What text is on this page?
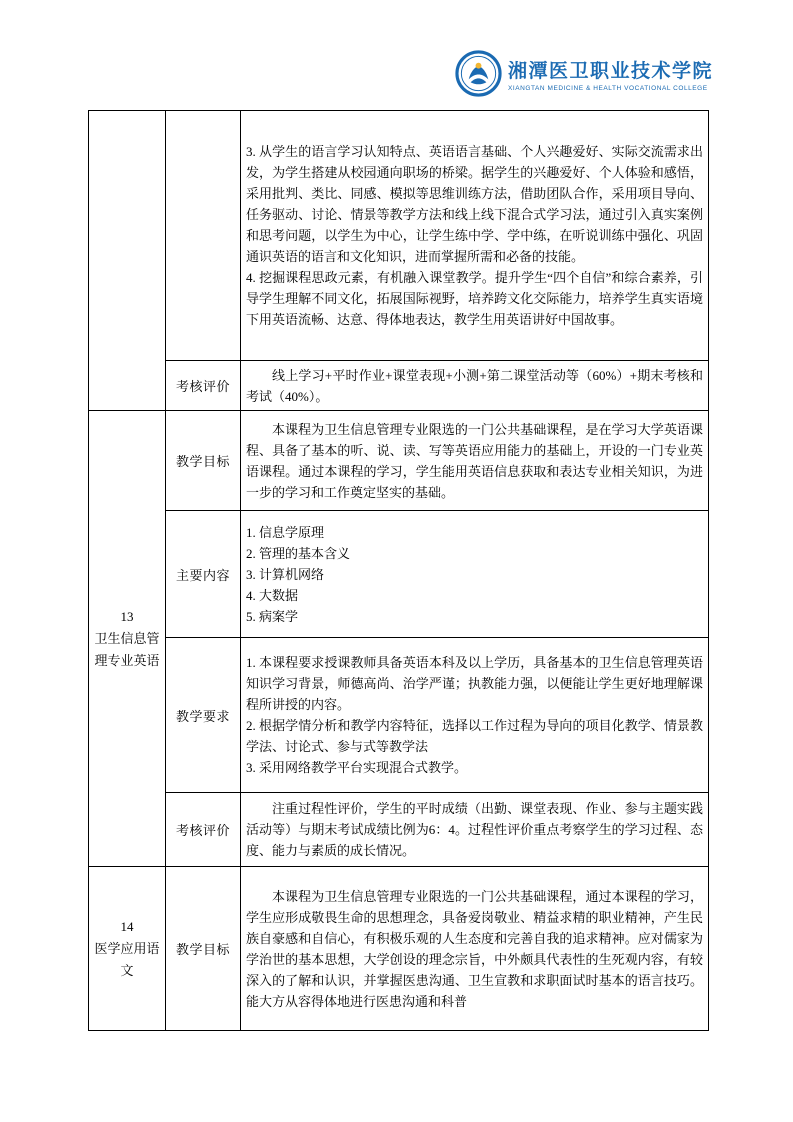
湘潭医卫职业技术学院
XIANGTAN MEDICINE & HEALTH VOCATIONAL COLLEGE

		3. 从学生的语言学习认知特点、英语语言基础、个人兴趣爱好、实际交流需求出发，为学生搭建从校园通向职场的桥梁。据学生的兴趣爱好、个人体验和感悟，采用批判、类比、同感、模拟等思维训练方法，借助团队合作，采用项目导向、任务驱动、讨论、情景等教学方法和线上线下混合式学习法，通过引入真实案例和思考问题，以学生为中心，让学生练中学、学中练，在听说训练中强化、巩固通识英语的语言和文化知识，进而掌握所需和必备的技能。

4. 挖掘课程思政元素，有机融入课堂教学。提升学生“四个自信”和综合素养，引导学生理解不同文化，拓展国际视野，培养跨文化交际能力，培养学生真实语境下用英语流畅、达意、得体地表达，教学生用英语讲好中国故事。

	考核评价	线上学习+平时作业+课堂表现+小测+第二课堂活动等（60%）+期末考核和考试（40%）。

13
卫生信息管理专业英语	教学目标	本课程为卫生信息管理专业限选的一门公共基础课程，是在学习大学英语课程、具备了基本的听、说、读、写等英语应用能力的基础上，开设的一门专业英语课程。通过本课程的学习，学生能用英语信息获取和表达专业相关知识，为进一步的学习和工作奠定坚实的基础。

	主要内容	1. 信息学原理

2. 管理的基本含义

3. 计算机网络

4. 大数据

5. 病案学

	教学要求	1. 本课程要求授课教师具备英语本科及以上学历，具备基本的卫生信息管理英语知识学习背景，师德高尚、治学严谨；执教能力强，以便能让学生更好地理解课程所讲授的内容。

2. 根据学情分析和教学内容特征，选择以工作过程为导向的项目化教学、情景教学法、讨论式、参与式等教学法

3. 采用网络教学平台实现混合式教学。

	考核评价	注重过程性评价，学生的平时成绩（出勤、课堂表现、作业、参与主题实践活动等）与期末考试成绩比例为6：4。过程性评价重点考察学生的学习过程、态度、能力与素质的成长情况。

14
医学应用语文	教学目标	本课程为卫生信息管理专业限选的一门公共基础课程，通过本课程的学习，学生应形成敬畏生命的思想理念，具备爱岗敬业、精益求精的职业精神，产生民族自豪感和自信心，有积极乐观的人生态度和完善自我的追求精神。应对儒家为学治世的基本思想，大学创设的理念宗旨，中外颇具代表性的生死观内容，有较深入的了解和认识，并掌握医患沟通、卫生宣教和求职面试时基本的语言技巧。能大方从容得体地进行医患沟通和科普
